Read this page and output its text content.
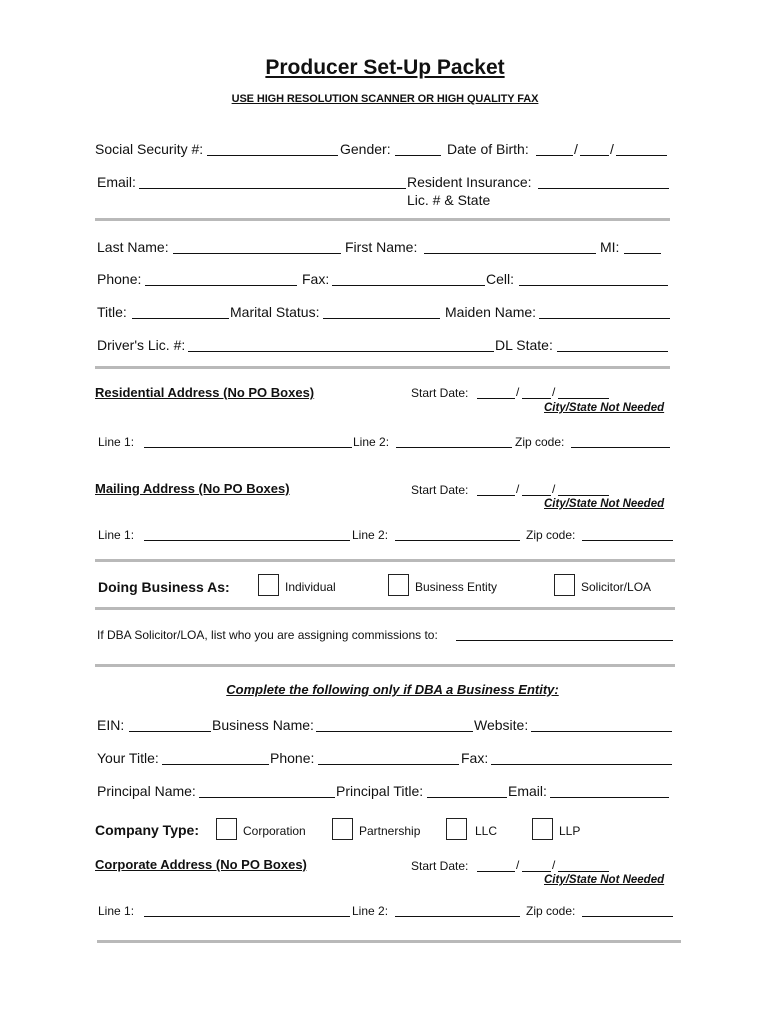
Producer Set-Up Packet
USE HIGH RESOLUTION SCANNER OR HIGH QUALITY FAX
Social Security #:	Gender:	Date of Birth:	/ /
Email:	Resident Insurance:
Lic. # & State
Last Name:	First Name:	MI:
Phone:	Fax:	Cell:
Title:	Marital Status:	Maiden Name:
Driver's Lic. #:	DL State:
Residential Address (No PO Boxes)	Start Date:	/	/
City/State Not Needed
Line 1:	Line 2:	Zip code:
Mailing Address (No PO Boxes)	Start Date:	/	/
City/State Not Needed
Line 1:	Line 2:	Zip code:
Doing Business As:	Individual	Business Entity	Solicitor/LOA
If DBA Solicitor/LOA, list who you are assigning commissions to:
Complete the following only if DBA a Business Entity:
EIN:	Business Name:	Website:
Your Title:	Phone:	Fax:
Principal Name:	Principal Title:	Email:
Company Type:	Corporation	Partnership	LLC	LLP
Corporate Address (No PO Boxes)	Start Date:	/	/
City/State Not Needed
Line 1:	Line 2:	Zip code:
